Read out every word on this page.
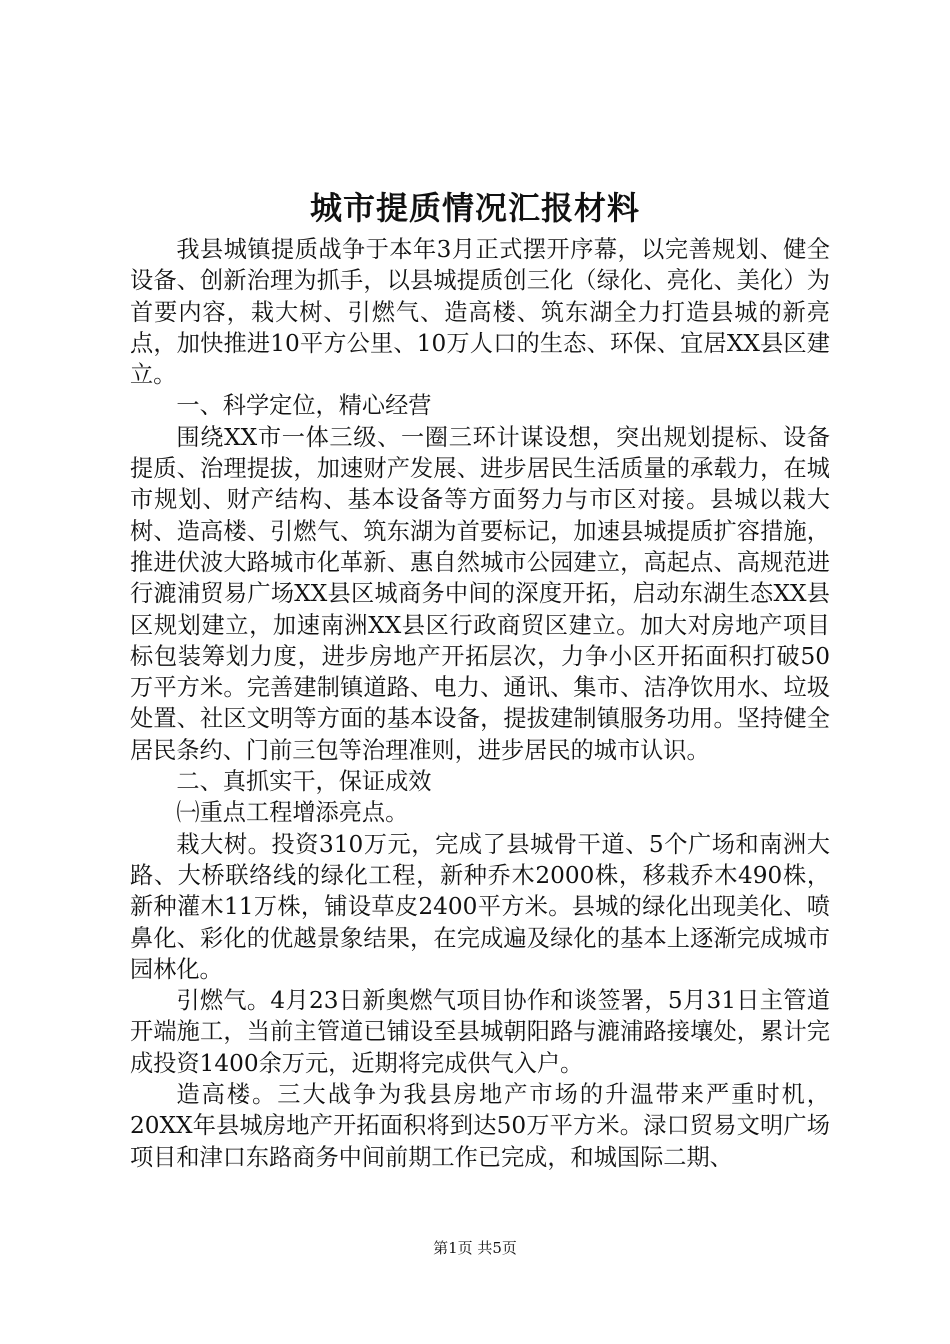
城市提质情况汇报材料

我县城镇提质战争于本年3月正式摆开序幕，以完善规划、健全设备、创新治理为抓手，以县城提质创三化（绿化、亮化、美化）为首要内容，栽大树、引燃气、造高楼、筑东湖全力打造县城的新亮点，加快推进10平方公里、10万人口的生态、环保、宜居XX县区建立。

一、科学定位，精心经营

围绕XX市一体三级、一圈三环计谋设想，突出规划提标、设备提质、治理提拔，加速财产发展、进步居民生活质量的承载力，在城市规划、财产结构、基本设备等方面努力与市区对接。县城以栽大树、造高楼、引燃气、筑东湖为首要标记，加速县城提质扩容措施，推进伏波大路城市化革新、惠自然城市公园建立，高起点、高规范进行漉浦贸易广场XX县区城商务中间的深度开拓，启动东湖生态XX县区规划建立，加速南洲XX县区行政商贸区建立。加大对房地产项目标包装筹划力度，进步房地产开拓层次，力争小区开拓面积打破50万平方米。完善建制镇道路、电力、通讯、集市、洁净饮用水、垃圾处置、社区文明等方面的基本设备，提拔建制镇服务功用。坚持健全居民条约、门前三包等治理准则，进步居民的城市认识。

二、真抓实干，保证成效

㈠重点工程增添亮点。

栽大树。投资310万元，完成了县城骨干道、5个广场和南洲大路、大桥联络线的绿化工程，新种乔木2000株，移栽乔木490株，新种灌木11万株，铺设草皮2400平方米。县城的绿化出现美化、喷鼻化、彩化的优越景象结果，在完成遍及绿化的基本上逐渐完成城市园林化。

引燃气。4月23日新奥燃气项目协作和谈签署，5月31日主管道开端施工，当前主管道已铺设至县城朝阳路与漉浦路接壤处，累计完成投资1400余万元，近期将完成供气入户。

造高楼。三大战争为我县房地产市场的升温带来严重时机，20XX年县城房地产开拓面积将到达50万平方米。渌口贸易文明广场项目和津口东路商务中间前期工作已完成，和城国际二期、

第1页 共5页
